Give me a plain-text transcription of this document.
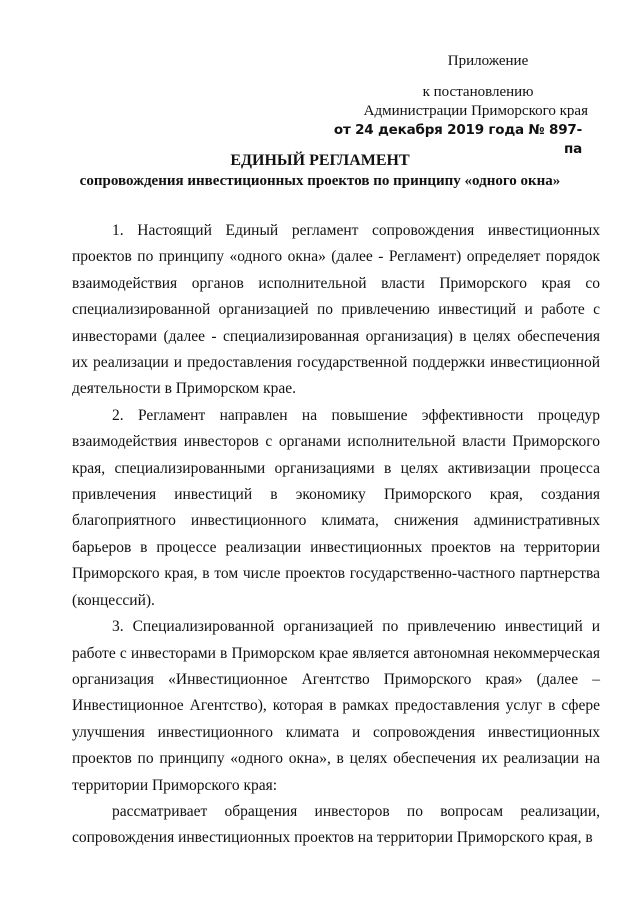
Приложение
к постановлению
Администрации Приморского края
от 24 декабря 2019 года № 897-па
ЕДИНЫЙ РЕГЛАМЕНТ
сопровождения инвестиционных проектов по принципу «одного окна»

1. Настоящий Единый регламент сопровождения инвестиционных проектов по принципу «одного окна» (далее - Регламент) определяет порядок взаимодействия органов исполнительной власти Приморского края со специализированной организацией по привлечению инвестиций и работе с инвесторами (далее - специализированная организация) в целях обеспечения их реализации и предоставления государственной поддержки инвестиционной деятельности в Приморском крае.

2. Регламент направлен на повышение эффективности процедур взаимодействия инвесторов с органами исполнительной власти Приморского края, специализированными организациями в целях активизации процесса привлечения инвестиций в экономику Приморского края, создания благоприятного инвестиционного климата, снижения административных барьеров в процессе реализации инвестиционных проектов на территории Приморского края, в том числе проектов государственно-частного партнерства (концессий).

3. Специализированной организацией по привлечению инвестиций и работе с инвесторами в Приморском крае является автономная некоммерческая организация «Инвестиционное Агентство Приморского края» (далее – Инвестиционное Агентство), которая в рамках предоставления услуг в сфере улучшения инвестиционного климата и сопровождения инвестиционных проектов по принципу «одного окна», в целях обеспечения их реализации на территории Приморского края:

рассматривает обращения инвесторов по вопросам реализации, сопровождения инвестиционных проектов на территории Приморского края, в
